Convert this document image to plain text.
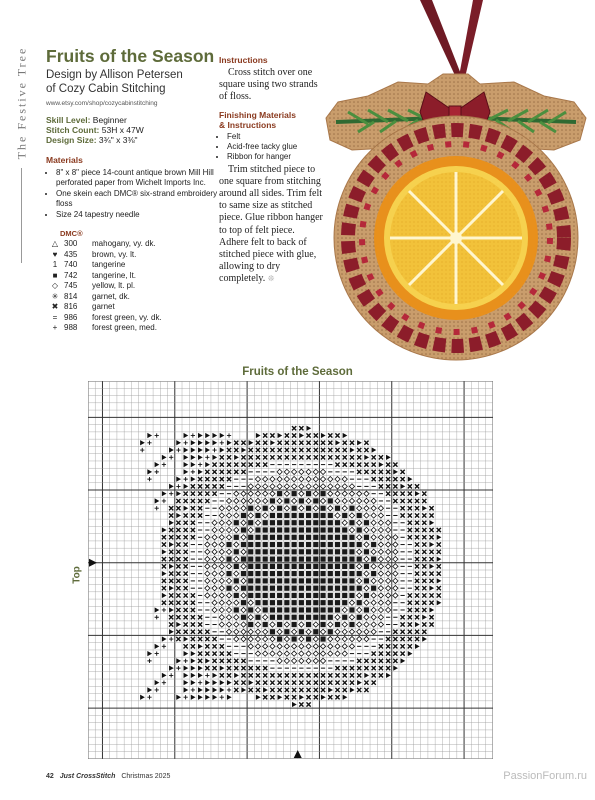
The Festive Tree Fruits of the Season
Design by Allison Petersen
of Cozy Cabin Stitching
www.etsy.com/shop/cozycabinstitching
Skill Level: Beginner
Stitch Count: 53H x 47W
Design Size: 3¾" x 3⅜"
Materials
• 8" x 8" piece 14-count antique brown Mill Hill perforated paper from Wichelt Imports Inc.
• One skein each DMC® six-strand embroidery floss
• Size 24 tapestry needle
DMC®
△	300	mahogany, vy. dk.
♥	435	brown, vy. lt.
1	740	tangerine
■	742	tangerine, lt.
◇	745	yellow, lt. pl.
✳	814	garnet, dk.
✖	816	garnet
=	986	forest green, vy. dk.
+	988	forest green, med.
Instructions

Cross stitch over one square using two strands of floss.

Finishing Materials
& Instructions
• Felt
• Acid-free tacky glue
• Ribbon for hanger

Trim stitched piece to one square from stitching around all sides. Trim felt to same size as stitched piece. Glue ribbon hanger to top of felt piece. Adhere felt to back of stitched piece with glue, allowing to dry completely. ❊

Fruits of the Season
Top
42 Just CrossStitch Christmas 2025	PassionForum.ru
